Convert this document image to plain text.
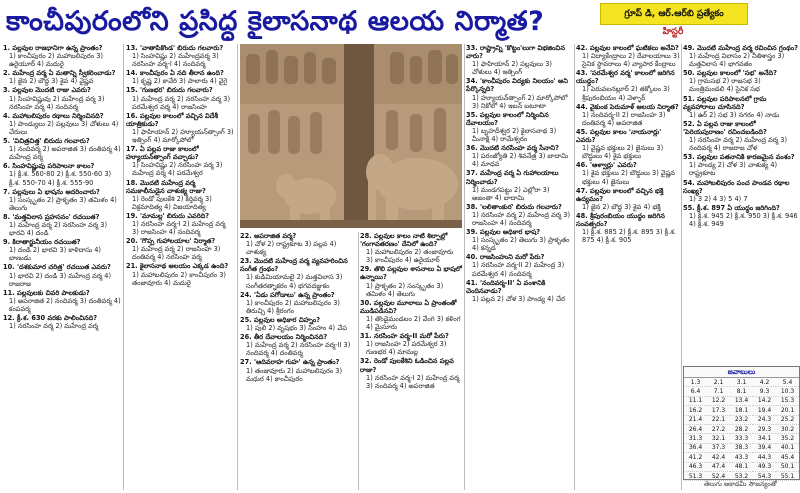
కాంచీపురంలోని ప్రసిద్ధ కైలాసనాథ ఆలయ నిర్మాత?	గ్రూప్ డి, ఆర్.ఆర్‌బి ప్రత్యేకం
హిస్టరీ
1. పల్లవుల రాజధానిగా ఉన్న ప్రాంతం?
1) కాంచీపురం 2) మహాబలిపురం 3) ఉరైయూర్ 4) మదురై
2. మహేంద్ర వర్మ ఏ మతాన్ని స్వీకరించాడు?
1) జైన 2) బౌద్ధ 3) శైవ 4) వైష్ణవ
3. పల్లవుల మొదటి రాజు ఎవరు?
1) సింహవిష్ణువు 2) మహేంద్ర వర్మ 3) నరసింహ వర్మ 4) నందివర్మ
4. మహాబలిపురం రథాలు నిర్మించినది?
1) పాండ్యులు 2) పల్లవులు 3) చోళులు 4) చేరులు
5. 'విచిత్రచిత్త' బిరుదు గలవారు?
1) నందివర్మ 2) అపరాజిత 3) దంతివర్మ 4) మహేంద్ర వర్మ
6. సింహవిష్ణువు పరిపాలనా కాలం?
1) క్రీ.శ. 560-80 2) క్రీ.శ. 550-60 3) క్రీ.శ. 550-70 4) క్రీ.శ. 555-90
7. పల్లవులు ఏ భాషను ఆదరించారు?
1) సంస్కృతం 2) ప్రాకృతం 3) తమిళం 4) తెలుగు
8. 'మత్తవిలాస ప్రహసనం' రచయిత?
1) మహేంద్ర వర్మ 2) నరసింహ వర్మ 3) భారవి 4) దండి
9. కిరాతార్జునీయం రచయిత?
1) దండి 2) భారవి 3) కాళిదాసు 4) బాణుడు
10. 'దశకుమార చరిత్ర' రచయిత ఎవరు?
1) భారవి 2) దండి 3) మహేంద్ర వర్మ 4) రాజరాజ
11. పల్లవులకు చివరి పాలకుడు?
1) అపరాజిత 2) నందివర్మ 3) దంతివర్మ 4) కంపవర్మ
12. క్రీ.శ. 630 వరకు పాలించినది?
1) నరసింహ వర్మ 2) మహేంద్ర వర్మ
13. 'వాతాపికొండ' బిరుదు గలవారు?
1) సింహవిష్ణు 2) మహేంద్రవర్మ 3) నరసింహ వర్మ-I 4) నందివర్మ
14. కాంచీపురం ఏ నది తీరాన ఉంది?
1) కృష్ణ 2) కావేరి 3) పాలారు 4) వైగై
15. 'గుణభర' బిరుదు గలవారు?
1) మహేంద్ర వర్మ 2) నరసింహ వర్మ 3) పరమేశ్వర వర్మ 4) రాజసింహ
16. పల్లవుల కాలంలో వచ్చిన విదేశీ యాత్రికుడు?
1) ఫాహియాన్ 2) హ్యూయన్‌త్సాంగ్ 3) ఇత్సింగ్ 4) మార్కోపోలో
17. ఏ పల్లవ రాజు కాలంలో హ్యూయన్‌త్సాంగ్ వచ్చాడు?
1) సింహవిష్ణు 2) నరసింహ వర్మ 3) మహేంద్ర వర్మ 4) పరమేశ్వర
18. మొదటి మహేంద్ర వర్మ సమకాలీనుడైన చాళుక్య రాజు?
1) రెండో పులకేశి 2) కీర్తివర్మ 3) విక్రమాదిత్య 4) విజయాదిత్య
19. 'మామల్ల' బిరుదు ఎవరిది?
1) నరసింహ వర్మ-I 2) మహేంద్ర వర్మ 3) రాజసింహ 4) నందివర్మ
20. 'గొప్ప గుహాలయాల' నిర్మాత?
1) మహేంద్ర వర్మ 2) రాజసింహ 3) దంతివర్మ 4) నరసింహ వర్మ
21. కైలాసనాథ ఆలయం ఎక్కడ ఉంది?
1) మహాబలిపురం 2) కాంచీపురం 3) తంజావూరు 4) మదురై
22. అపరాజిత వర్మ?
1) చోళ 2) రాష్ట్రకూట 3) పల్లవ 4) చాళుక్య
23. మొదటి మహేంద్ర వర్మ వ్యవహరించిన సంగీత గ్రంథం?
1) కుడిమియామలై 2) మత్తవిలాస 3) సంగీతరత్నాకరం 4) భగవదజ్జుకం
24. 'ఏడు పగోడాలు' ఉన్న ప్రాంతం?
1) కాంచీపురం 2) మహాబలిపురం 3) తిరుచ్చి 4) శ్రీరంగం
25. పల్లవుల అధికార చిహ్నం?
1) పులి 2) వృషభం 3) సింహం 4) చేప
26. తీర దేవాలయం నిర్మించినది?
1) మహేంద్ర వర్మ 2) నరసింహ వర్మ-II 3) నందివర్మ 4) దంతివర్మ
27. 'ఆదివరాహ గుహ' ఉన్న ప్రాంతం?
1) తంజావూరు 2) మహాబలిపురం 3) మధుర 4) కాంచీపురం
28. పల్లవుల కాలం నాటి శిల్పాల్లో 'గంగావతరణం' దేనిలో ఉంది?
1) మహాబలిపురం 2) తంజావూరు 3) కాంచీపురం 4) ఉరైయూర్
29. తొలి పల్లవుల శాసనాలు ఏ భాషలో ఉన్నాయి?
1) ప్రాకృతం 2) సంస్కృతం 3) తమిళం 4) తెలుగు
30. పల్లవుల మూలాలు ఏ ప్రాంతంతో ముడిపడినవి?
1) తొండైమండలం 2) వేంగి 3) కళింగ 4) మైసూరు
31. నరసింహ వర్మ-II మరో పేరు?
1) రాజసింహ 2) పరమేశ్వర 3) గుణభర 4) మామల్ల
32. రెండో పులకేశిని ఓడించిన పల్లవ రాజు?
1) నరసింహ వర్మ-I 2) మహేంద్ర వర్మ 3) నందివర్మ 4) అపరాజిత
33. రాష్ట్రాన్ని 'కొట్టం'లుగా విభజించిన వారు?
1) ఫాహియాన్ 2) పల్లవులు 3) చోళులు 4) ఇత్సింగ్
34. 'కాంచీపురం విద్యకు నిలయం' అని పేర్కొన్నది?
1) హ్యూయన్‌త్సాంగ్ 2) మార్కోపోలో 3) నికోలో 4) ఇబన్ బటూటా
35. పల్లవుల కాలంలో నిర్మించిన దేవాలయం?
1) బృహదీశ్వర 2) కైలాసనాథ 3) మీనాక్షి 4) రామేశ్వరం
36. మొదటి నరసింహ వర్మ సేనాని?
1) పరంజ్యోతి 2) శివనేత్ర 3) బాదామి 4) మాధవ
37. మహేంద్ర వర్మ ఏ గుహాలయాలు నిర్మించాడు?
1) మండగపట్టు 2) ఎల్లోరా 3) అజంతా 4) బాదామి
38. 'లలితాంకుర' బిరుదు గలవారు?
1) నరసింహ వర్మ 2) మహేంద్ర వర్మ 3) రాజసింహ 4) నందివర్మ
39. పల్లవుల అధికార భాష?
1) సంస్కృతం 2) తెలుగు 3) ప్రాకృతం 4) కన్నడ
40. రాజసింహుని మరో పేరు?
1) నరసింహ వర్మ-II 2) మహేంద్ర 3) పరమేశ్వర 4) నందివర్మ
41. 'నందివర్మ-II' ఏ వంశానికి చెందినవాడు?
1) పల్లవ 2) చోళ 3) పాండ్య 4) చేర
42. పల్లవుల కాలంలో ఘటికలు అనేవి?
1) విద్యాకేంద్రాలు 2) దేవాలయాలు 3) సైనిక స్థావరాలు 4) వ్యాపార కేంద్రాలు
43. 'పరమేశ్వర వర్మ' కాలంలో జరిగిన యుద్ధం?
1) పెరువలనల్లూర్ 2) తక్కోలం 3) శ్రీపురంబియం 4) వెళ్ళార్
44. వైకుంఠ పెరుమాళ్ ఆలయ నిర్మాత?
1) నందివర్మ-II 2) రాజసింహ 3) దంతివర్మ 4) అపరాజిత
45. పల్లవుల కాలం 'నాయనార్లు' ఎవరు?
1) వైష్ణవ భక్తులు 2) జైనులు 3) బౌద్ధులు 4) శైవ భక్తులు
46. 'ఆళ్వార్లు' ఎవరు?
1) శైవ భక్తులు 2) బౌద్ధులు 3) వైష్ణవ భక్తులు 4) జైనులు
47. పల్లవుల కాలంలో వచ్చిన భక్తి ఉద్యమం?
1) జైన 2) బౌద్ధ 3) శైవ 4) భక్తి
48. శ్రీపురంబియం యుద్ధం జరిగిన సంవత్సరం?
1) క్రీ.శ. 885 2) క్రీ.శ. 895 3) క్రీ.శ. 875 4) క్రీ.శ. 905
49. మొదటి మహేంద్ర వర్మ రచించిన గ్రంథం?
1) మహేంద్ర విలాసం 2) నీతిశాస్త్రం 3) మత్తవిలాస 4) భాగవతం
50. పల్లవుల కాలంలో 'సభ' అనేది?
1) గ్రామసభ 2) రాజసభ 3) మంత్రిమండలి 4) సైనిక సభ
51. పల్లవుల పరిపాలనలో గ్రామ వ్యవహారాలు చూసినది?
1) ఉర్ 2) సభ 3) నగరం 4) నాడు
52. ఏ పల్లవ రాజు కాలంలో 'పెరియపురాణం' రచించబడింది?
1) నరసింహ వర్మ 2) మహేంద్ర వర్మ 3) నందివర్మ 4) రాజరాజ చోళ
53. పల్లవుల పతనానికి కారణమైన వంశం?
1) పాండ్య 2) చోళ 3) చాళుక్య 4) రాష్ట్రకూట
54. మహాబలిపురం పంచ పాండవ రథాల సంఖ్య?
1) 3 2) 4 3) 5 4) 7
55. క్రీ.శ. 897 ఏ యుద్ధం జరిగింది?
1) క్రీ.శ. 945 2) క్రీ.శ. 950 3) క్రీ.శ. 946 4) క్రీ.శ. 949
జవాబులు
1.3	2.1	3.1	4.2	5.4
6.4	7.1	8.1	9.3	10.3
11.1	12.2	13.4	14.2	15.3
16.2	17.3	18.1	19.4	20.1
21.4	22.1	23.2	24.3	25.2
26.4	27.2	28.2	29.3	30.2
31.3	32.1	33.3	34.1	35.2
36.4	37.3	38.3	39.4	40.1
41.2	42.4	43.3	44.3	45.4
46.3	47.4	48.1	49.3	50.1
51.3	52.4	53.2	54.3	55.1
తెలుగు అకాడమీ సౌజన్యంతో
